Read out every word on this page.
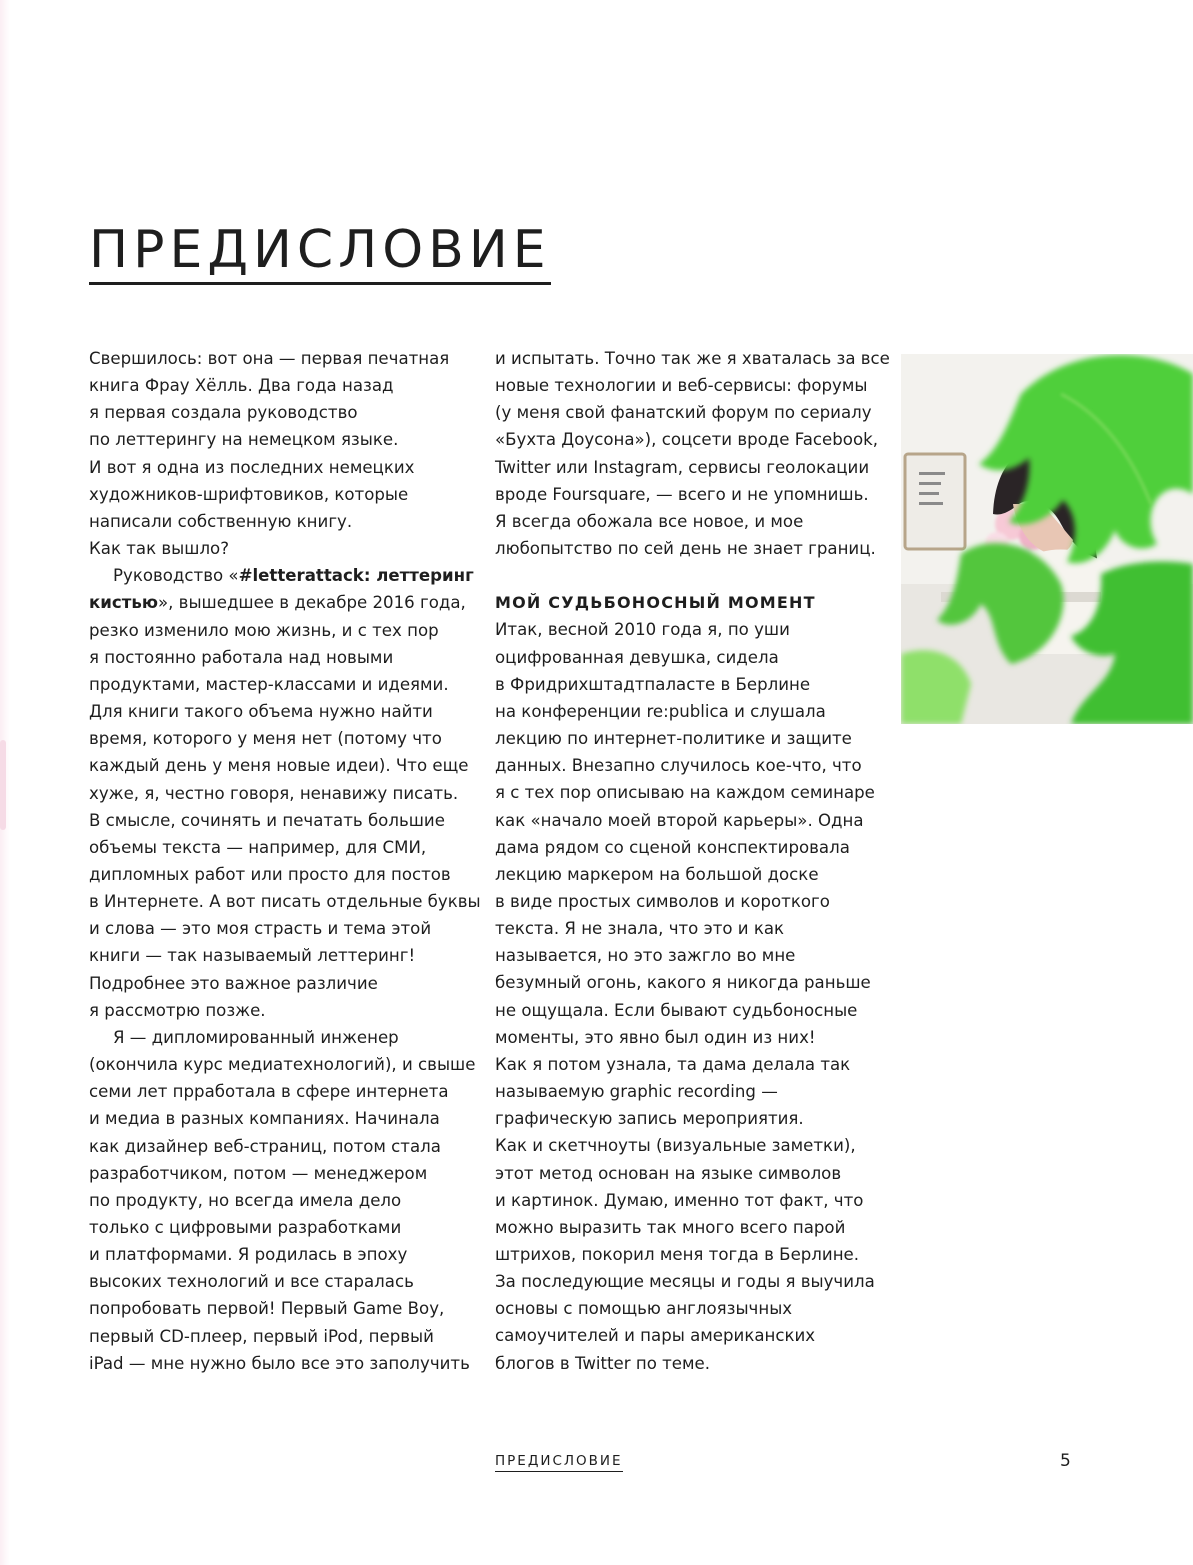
ПРЕДИСЛОВИЕ
Свершилось: вот она — первая печатная
книга Фрау Хёлль. Два года назад
я первая создала руководство
по леттерингу на немецком языке.
И вот я одна из последних немецких
художников-шрифтовиков, которые
написали собственную книгу.
Как так вышло?
Руководство «#letterattack: леттеринг
кистью», вышедшее в декабре 2016 года,
резко изменило мою жизнь, и с тех пор
я постоянно работала над новыми
продуктами, мастер-классами и идеями.
Для книги такого объема нужно найти
время, которого у меня нет (потому что
каждый день у меня новые идеи). Что еще
хуже, я, честно говоря, ненавижу писать.
В смысле, сочинять и печатать большие
объемы текста — например, для СМИ,
дипломных работ или просто для постов
в Интернете. А вот писать отдельные буквы
и слова — это моя страсть и тема этой
книги — так называемый леттеринг!
Подробнее это важное различие
я рассмотрю позже.
Я — дипломированный инженер
(окончила курс медиатехнологий), и свыше
семи лет прработала в сфере интернета
и медиа в разных компаниях. Начинала
как дизайнер веб-страниц, потом стала
разработчиком, потом — менеджером
по продукту, но всегда имела дело
только с цифровыми разработками
и платформами. Я родилась в эпоху
высоких технологий и все старалась
попробовать первой! Первый Game Boy,
первый CD-плеер, первый iPod, первый
iPad — мне нужно было все это заполучить
и испытать. Точно так же я хваталась за все
новые технологии и веб-сервисы: форумы
(у меня свой фанатский форум по сериалу
«Бухта Доусона»), соцсети вроде Facebook,
Twitter или Instagram, сервисы геолокации
вроде Foursquare, — всего и не упомнишь.
Я всегда обожала все новое, и мое
любопытство по сей день не знает границ.
МОЙ СУДЬБОНОСНЫЙ МОМЕНТ
Итак, весной 2010 года я, по уши
оцифрованная девушка, сидела
в Фридрихштадтпаласте в Берлине
на конференции re:publica и слушала
лекцию по интернет-политике и защите
данных. Внезапно случилось кое-что, что
я с тех пор описываю на каждом семинаре
как «начало моей второй карьеры». Одна
дама рядом со сценой конспектировала
лекцию маркером на большой доске
в виде простых символов и короткого
текста. Я не знала, что это и как
называется, но это зажгло во мне
безумный огонь, какого я никогда раньше
не ощущала. Если бывают судьбоносные
моменты, это явно был один из них!
Как я потом узнала, та дама делала так
называемую graphic recording —
графическую запись мероприятия.
Как и скетчноуты (визуальные заметки),
этот метод основан на языке символов
и картинок. Думаю, именно тот факт, что
можно выразить так много всего парой
штрихов, покорил меня тогда в Берлине.
За последующие месяцы и годы я выучила
основы с помощью англоязычных
самоучителей и пары американских
блогов в Twitter по теме.
ПРЕДИСЛОВИЕ	5
